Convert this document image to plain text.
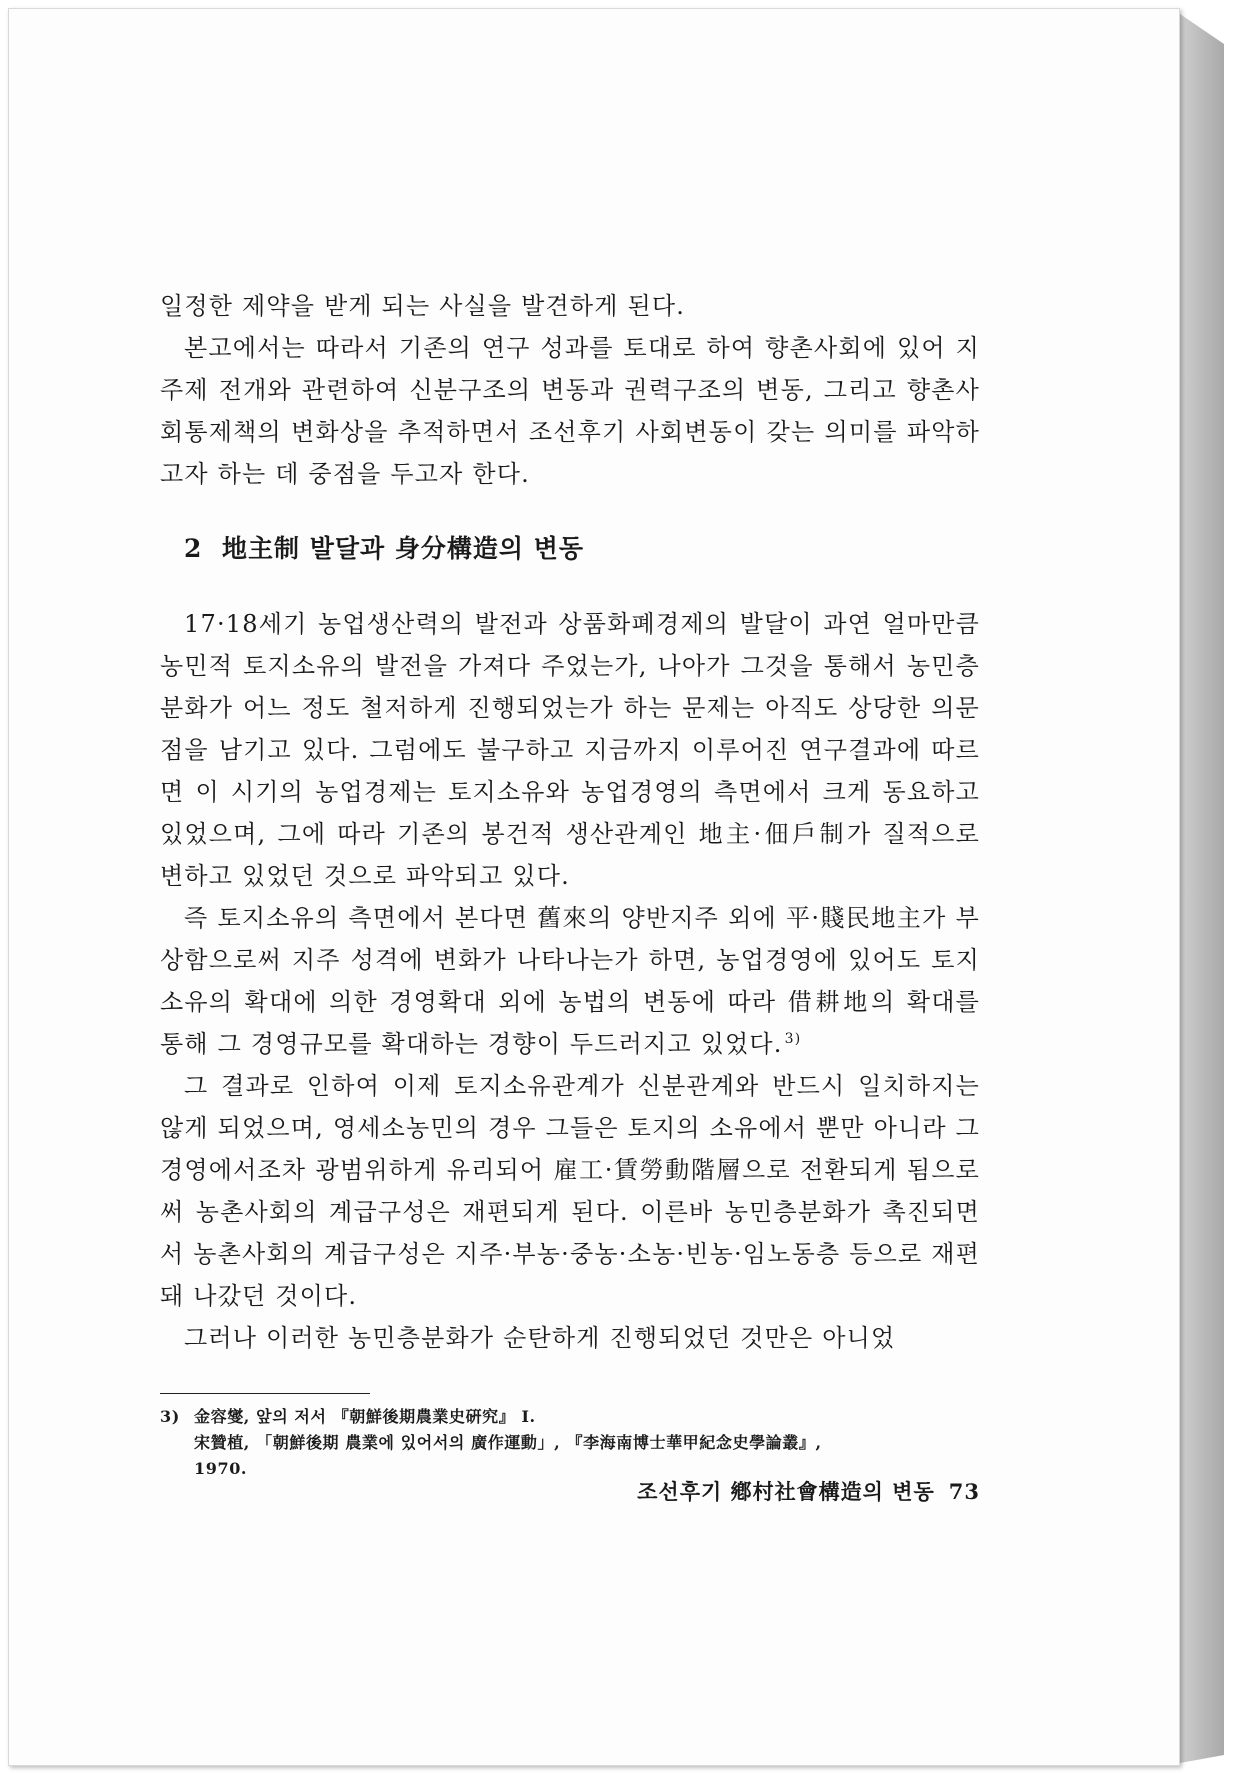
일정한 제약을 받게 되는 사실을 발견하게 된다.

본고에서는 따라서 기존의 연구 성과를 토대로 하여 향촌사회에 있어 지주제 전개와 관련하여 신분구조의 변동과 권력구조의 변동, 그리고 향촌사회통제책의 변화상을 추적하면서 조선후기 사회변동이 갖는 의미를 파악하고자 하는 데 중점을 두고자 한다.

2 地主制 발달과 身分構造의 변동

17·18세기 농업생산력의 발전과 상품화폐경제의 발달이 과연 얼마만큼 농민적 토지소유의 발전을 가져다 주었는가, 나아가 그것을 통해서 농민층 분화가 어느 정도 철저하게 진행되었는가 하는 문제는 아직도 상당한 의문점을 남기고 있다. 그럼에도 불구하고 지금까지 이루어진 연구결과에 따르면 이 시기의 농업경제는 토지소유와 농업경영의 측면에서 크게 동요하고 있었으며, 그에 따라 기존의 봉건적 생산관계인 地主·佃戶制가 질적으로 변하고 있었던 것으로 파악되고 있다.

즉 토지소유의 측면에서 본다면 舊來의 양반지주 외에 平·賤民地主가 부상함으로써 지주 성격에 변화가 나타나는가 하면, 농업경영에 있어도 토지소유의 확대에 의한 경영확대 외에 농법의 변동에 따라 借耕地의 확대를 통해 그 경영규모를 확대하는 경향이 두드러지고 있었다. $^{3)}$

그 결과로 인하여 이제 토지소유관계가 신분관계와 반드시 일치하지는 않게 되었으며, 영세소농민의 경우 그들은 토지의 소유에서 뿐만 아니라 그 경영에서조차 광범위하게 유리되어 雇工·賃勞動階層으로 전환되게 됨으로써 농촌사회의 계급구성은 재편되게 된다. 이른바 농민층분화가 촉진되면서 농촌사회의 계급구성은 지주·부농·중농·소농·빈농·임노동층 등으로 재편돼 나갔던 것이다.

그러나 이러한 농민층분화가 순탄하게 진행되었던 것만은 아니었

3) 金容燮, 앞의 저서 『朝鮮後期農業史硏究』 I.

宋贊植, 「朝鮮後期 農業에 있어서의 廣作運動」, 『李海南博士華甲紀念史學論叢』,

1970.

조선후기 鄕村社會構造의 변동 73
